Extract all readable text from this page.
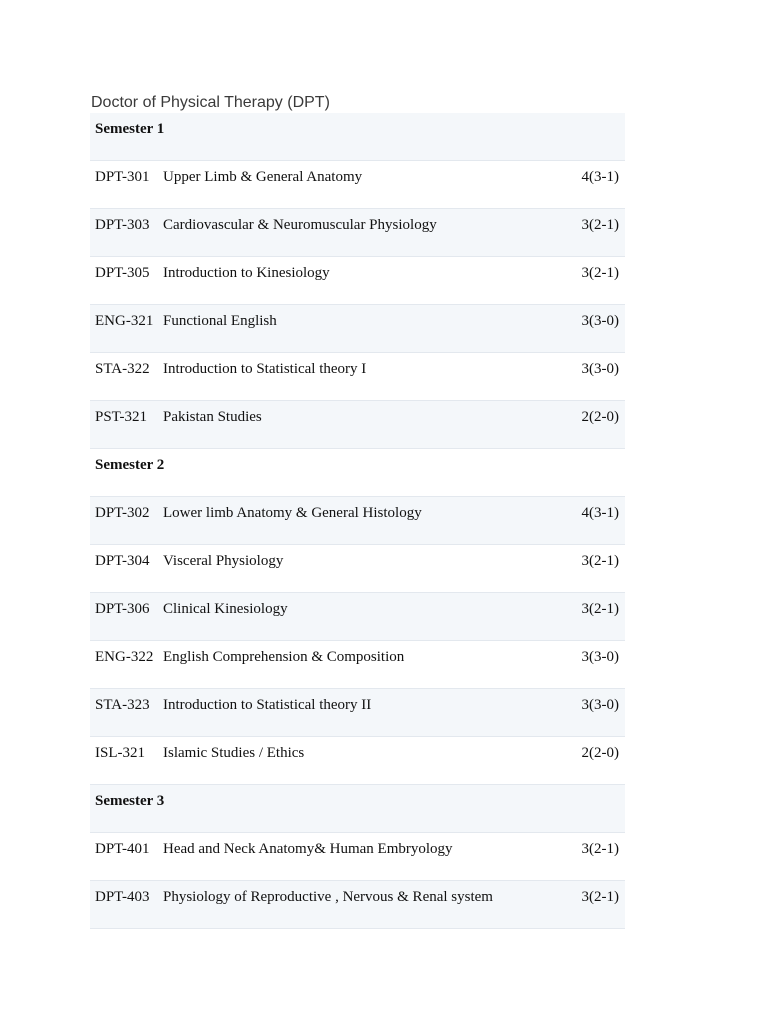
Doctor of Physical Therapy (DPT)
Semester 1
DPT-301 Upper Limb & General Anatomy	4(3-1)
DPT-303 Cardiovascular & Neuromuscular Physiology	3(2-1)
DPT-305 Introduction to Kinesiology	3(2-1)
ENG-321 Functional English	3(3-0)
STA-322 Introduction to Statistical theory I	3(3-0)
PST-321 Pakistan Studies	2(2-0)
Semester 2
DPT-302 Lower limb Anatomy & General Histology	4(3-1)
DPT-304 Visceral Physiology	3(2-1)
DPT-306 Clinical Kinesiology	3(2-1)
ENG-322 English Comprehension & Composition	3(3-0)
STA-323 Introduction to Statistical theory II	3(3-0)
ISL-321 Islamic Studies / Ethics	2(2-0)
Semester 3
DPT-401 Head and Neck Anatomy& Human Embryology	3(2-1)
DPT-403 Physiology of Reproductive , Nervous & Renal system	3(2-1)
